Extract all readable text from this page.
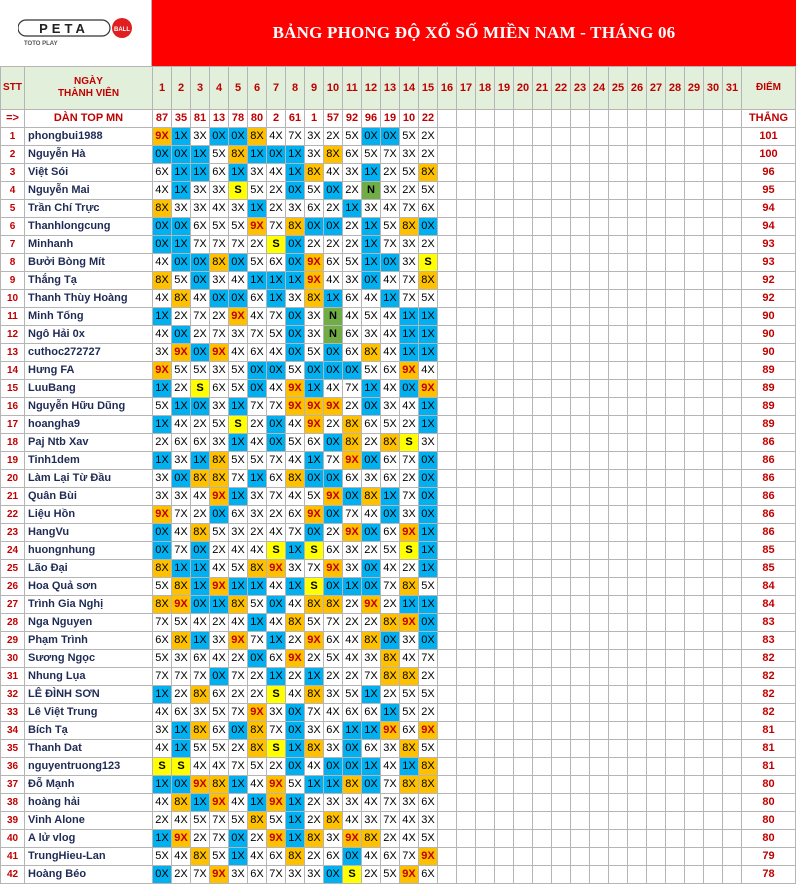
PETA	BALL
TOTO PLAY
BẢNG PHONG ĐỘ XỔ SỐ MIỀN NAM - THÁNG 06
STT	NGÀY
THÀNH VIÊN	1	2	3	4	5	6	7	8	9	10	11	12	13	14	15	16	17	18	19	20	21	22	23	24	25	26	27	28	29	30	31	ĐIỂM
=>	DÀN TOP MN	87	35	81	13	78	80	2	61	1	57	92	96	19	10	22																	THẮNG
1	phongbui1988	9X	1X	3X	0X	0X	8X	4X	7X	3X	2X	5X	0X	0X	5X	2X																	101
2	Nguyễn Hà	0X	0X	1X	5X	8X	1X	0X	1X	3X	8X	6X	5X	7X	3X	2X																	100
3	Việt Sói	6X	1X	1X	6X	1X	3X	4X	1X	8X	4X	3X	1X	2X	5X	8X																	96
4	Nguyễn Mai	4X	1X	3X	3X	S	5X	2X	0X	5X	0X	2X	N	3X	2X	5X																	95
5	Trần Chí Trực	8X	3X	3X	4X	3X	1X	2X	3X	6X	2X	1X	3X	4X	7X	6X																	94
6	Thanhlongcung	0X	0X	6X	5X	5X	9X	7X	8X	0X	0X	2X	1X	5X	8X	0X																	94
7	Minhanh	0X	1X	7X	7X	7X	2X	S	0X	2X	2X	2X	1X	7X	3X	2X																	93
8	Bưởi Bòng Mít	4X	0X	0X	8X	0X	5X	6X	0X	9X	6X	5X	1X	0X	3X	S																	93
9	Thắng Tạ	8X	5X	0X	3X	4X	1X	1X	1X	9X	4X	3X	0X	4X	7X	8X																	92
10	Thanh Thùy Hoàng	4X	8X	4X	0X	0X	6X	1X	3X	8X	1X	6X	4X	1X	7X	5X																	92
11	Minh Tống	1X	2X	7X	2X	9X	4X	7X	0X	3X	N	4X	5X	4X	1X	1X																	90
12	Ngô Hải 0x	4X	0X	2X	7X	3X	7X	5X	0X	3X	N	6X	3X	4X	1X	1X																	90
13	cuthoc272727	3X	9X	0X	9X	4X	6X	4X	0X	5X	0X	6X	8X	4X	1X	1X																	90
14	Hưng FA	9X	5X	5X	3X	5X	0X	0X	5X	0X	0X	0X	5X	6X	9X	4X																	89
15	LuuBang	1X	2X	S	6X	5X	0X	4X	9X	1X	4X	7X	1X	4X	0X	9X																	89
16	Nguyễn Hữu Dũng	5X	1X	0X	3X	1X	7X	7X	9X	9X	9X	2X	0X	3X	4X	1X																	89
17	hoangha9	1X	4X	2X	5X	S	2X	0X	4X	9X	2X	8X	6X	5X	2X	1X																	89
18	Paj Ntb Xav	2X	6X	6X	3X	1X	4X	0X	5X	6X	0X	8X	2X	8X	S	3X																	86
19	Tinh1dem	1X	3X	1X	8X	5X	5X	7X	4X	1X	7X	9X	0X	6X	7X	0X																	86
20	Làm Lại Từ Đầu	3X	0X	8X	8X	7X	1X	6X	8X	0X	0X	6X	3X	6X	2X	0X																	86
21	Quân Bùi	3X	3X	4X	9X	1X	3X	7X	4X	5X	9X	0X	8X	1X	7X	0X																	86
22	Liệu Hồn	9X	7X	2X	0X	6X	3X	2X	6X	9X	0X	7X	4X	0X	3X	0X																	86
23	HangVu	0X	4X	8X	5X	3X	2X	4X	7X	0X	2X	9X	0X	6X	9X	1X																	86
24	huongnhung	0X	7X	0X	2X	4X	4X	S	1X	S	6X	3X	2X	5X	S	1X																	85
25	Lão Đại	8X	1X	1X	4X	5X	8X	9X	3X	7X	9X	3X	0X	4X	2X	1X																	85
26	Hoa Quả sơn	5X	8X	1X	9X	1X	1X	4X	1X	S	0X	1X	0X	7X	8X	5X																	84
27	Trình Gia Nghị	8X	9X	0X	1X	8X	5X	0X	4X	8X	8X	2X	9X	2X	1X	1X																	84
28	Nga Nguyen	7X	5X	4X	2X	4X	1X	4X	8X	5X	7X	2X	2X	8X	9X	0X																	83
29	Phạm Trình	6X	8X	1X	3X	9X	7X	1X	2X	9X	6X	4X	8X	0X	3X	0X																	83
30	Sương Ngọc	5X	3X	6X	4X	2X	0X	6X	9X	2X	5X	4X	3X	8X	4X	7X																	82
31	Nhung Lụa	7X	7X	7X	0X	7X	2X	1X	2X	1X	2X	2X	7X	8X	8X	2X																	82
32	LÊ ĐÌNH SƠN	1X	2X	8X	6X	2X	2X	S	4X	8X	3X	5X	1X	2X	5X	5X																	82
33	Lê Việt Trung	4X	6X	3X	5X	7X	9X	3X	0X	7X	4X	6X	6X	1X	5X	2X																	82
34	Bích Tạ	3X	1X	8X	6X	0X	8X	7X	0X	3X	6X	1X	1X	9X	6X	9X																	81
35	Thanh Dat	4X	1X	5X	5X	2X	8X	S	1X	8X	3X	0X	6X	3X	8X	5X																	81
36	nguyentruong123	S	S	4X	4X	7X	5X	2X	0X	4X	0X	0X	1X	4X	1X	8X																	81
37	Đỗ Mạnh	1X	0X	9X	8X	1X	4X	9X	5X	1X	1X	8X	0X	7X	8X	8X																	80
38	hoàng hải	4X	8X	1X	9X	4X	1X	9X	1X	2X	3X	3X	4X	7X	3X	6X																	80
39	Vinh Alone	2X	4X	5X	7X	5X	8X	5X	1X	2X	8X	4X	3X	7X	4X	3X																	80
40	A lử vlog	1X	9X	2X	7X	0X	2X	9X	1X	8X	3X	9X	8X	2X	4X	5X																	80
41	TrungHieu-Lan	5X	4X	8X	5X	1X	4X	6X	8X	2X	6X	0X	4X	6X	7X	9X																	79
42	Hoàng Béo	0X	2X	7X	9X	3X	6X	7X	3X	3X	0X	S	2X	5X	9X	6X																	78
